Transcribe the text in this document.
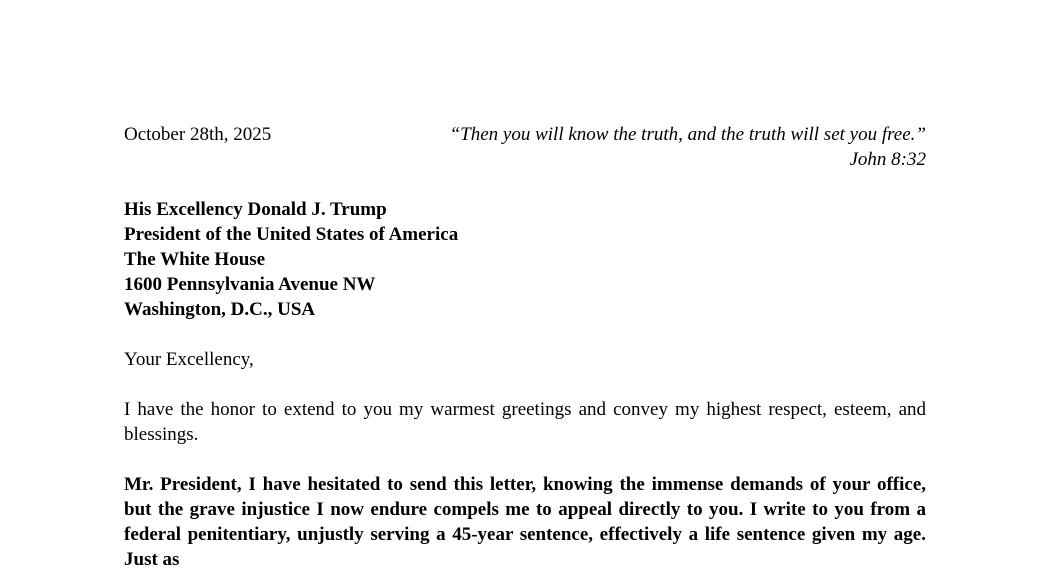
October 28th, 2025	“Then you will know the truth, and the truth will set you free.”
John 8:32
His Excellency Donald J. Trump
President of the United States of America
The White House
1600 Pennsylvania Avenue NW
Washington, D.C., USA
Your Excellency,

I have the honor to extend to you my warmest greetings and convey my highest respect, esteem, and blessings.

Mr. President, I have hesitated to send this letter, knowing the immense demands of your office, but the grave injustice I now endure compels me to appeal directly to you. I write to you from a federal penitentiary, unjustly serving a 45-year sentence, effectively a life sentence given my age. Just as
